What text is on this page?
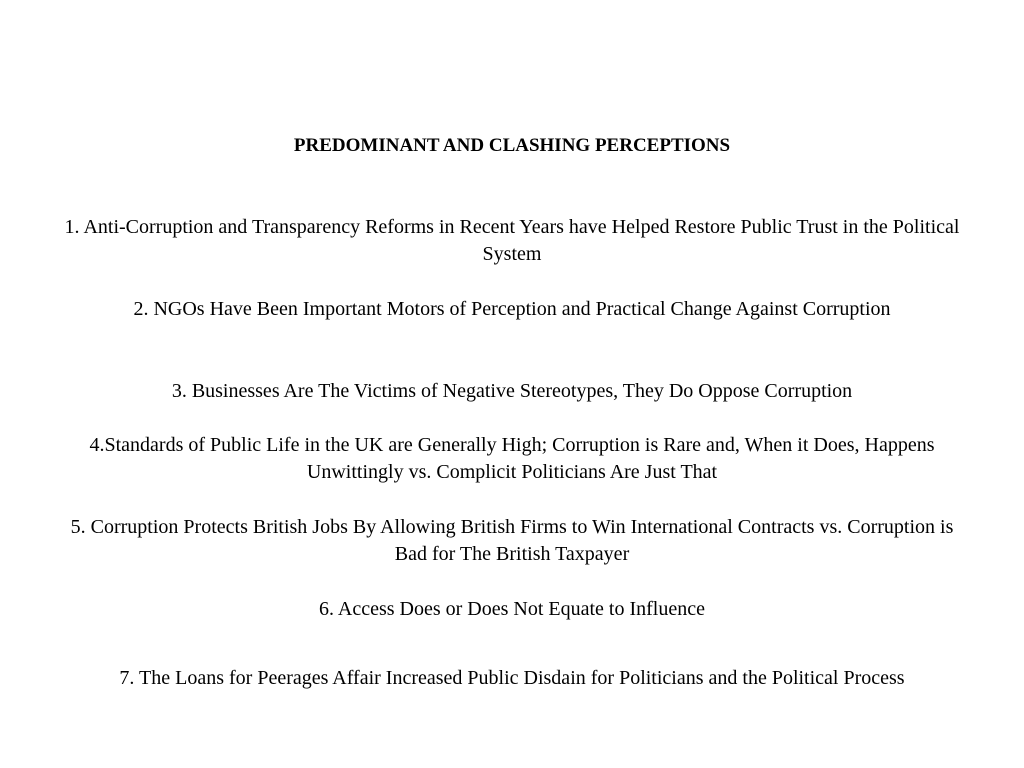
PREDOMINANT AND CLASHING PERCEPTIONS
1. Anti-Corruption and Transparency Reforms in Recent Years have Helped Restore Public Trust in the Political System
2. NGOs Have Been Important Motors of Perception and Practical Change Against Corruption
3. Businesses Are The Victims of Negative Stereotypes, They Do Oppose Corruption
4.Standards of Public Life in the UK are Generally High; Corruption is Rare and, When it Does, Happens Unwittingly vs. Complicit Politicians Are Just That
5. Corruption Protects British Jobs By Allowing British Firms to Win International Contracts vs. Corruption is Bad for The British Taxpayer
6. Access Does or Does Not Equate to Influence
7. The Loans for Peerages Affair Increased Public Disdain for Politicians and the Political Process
